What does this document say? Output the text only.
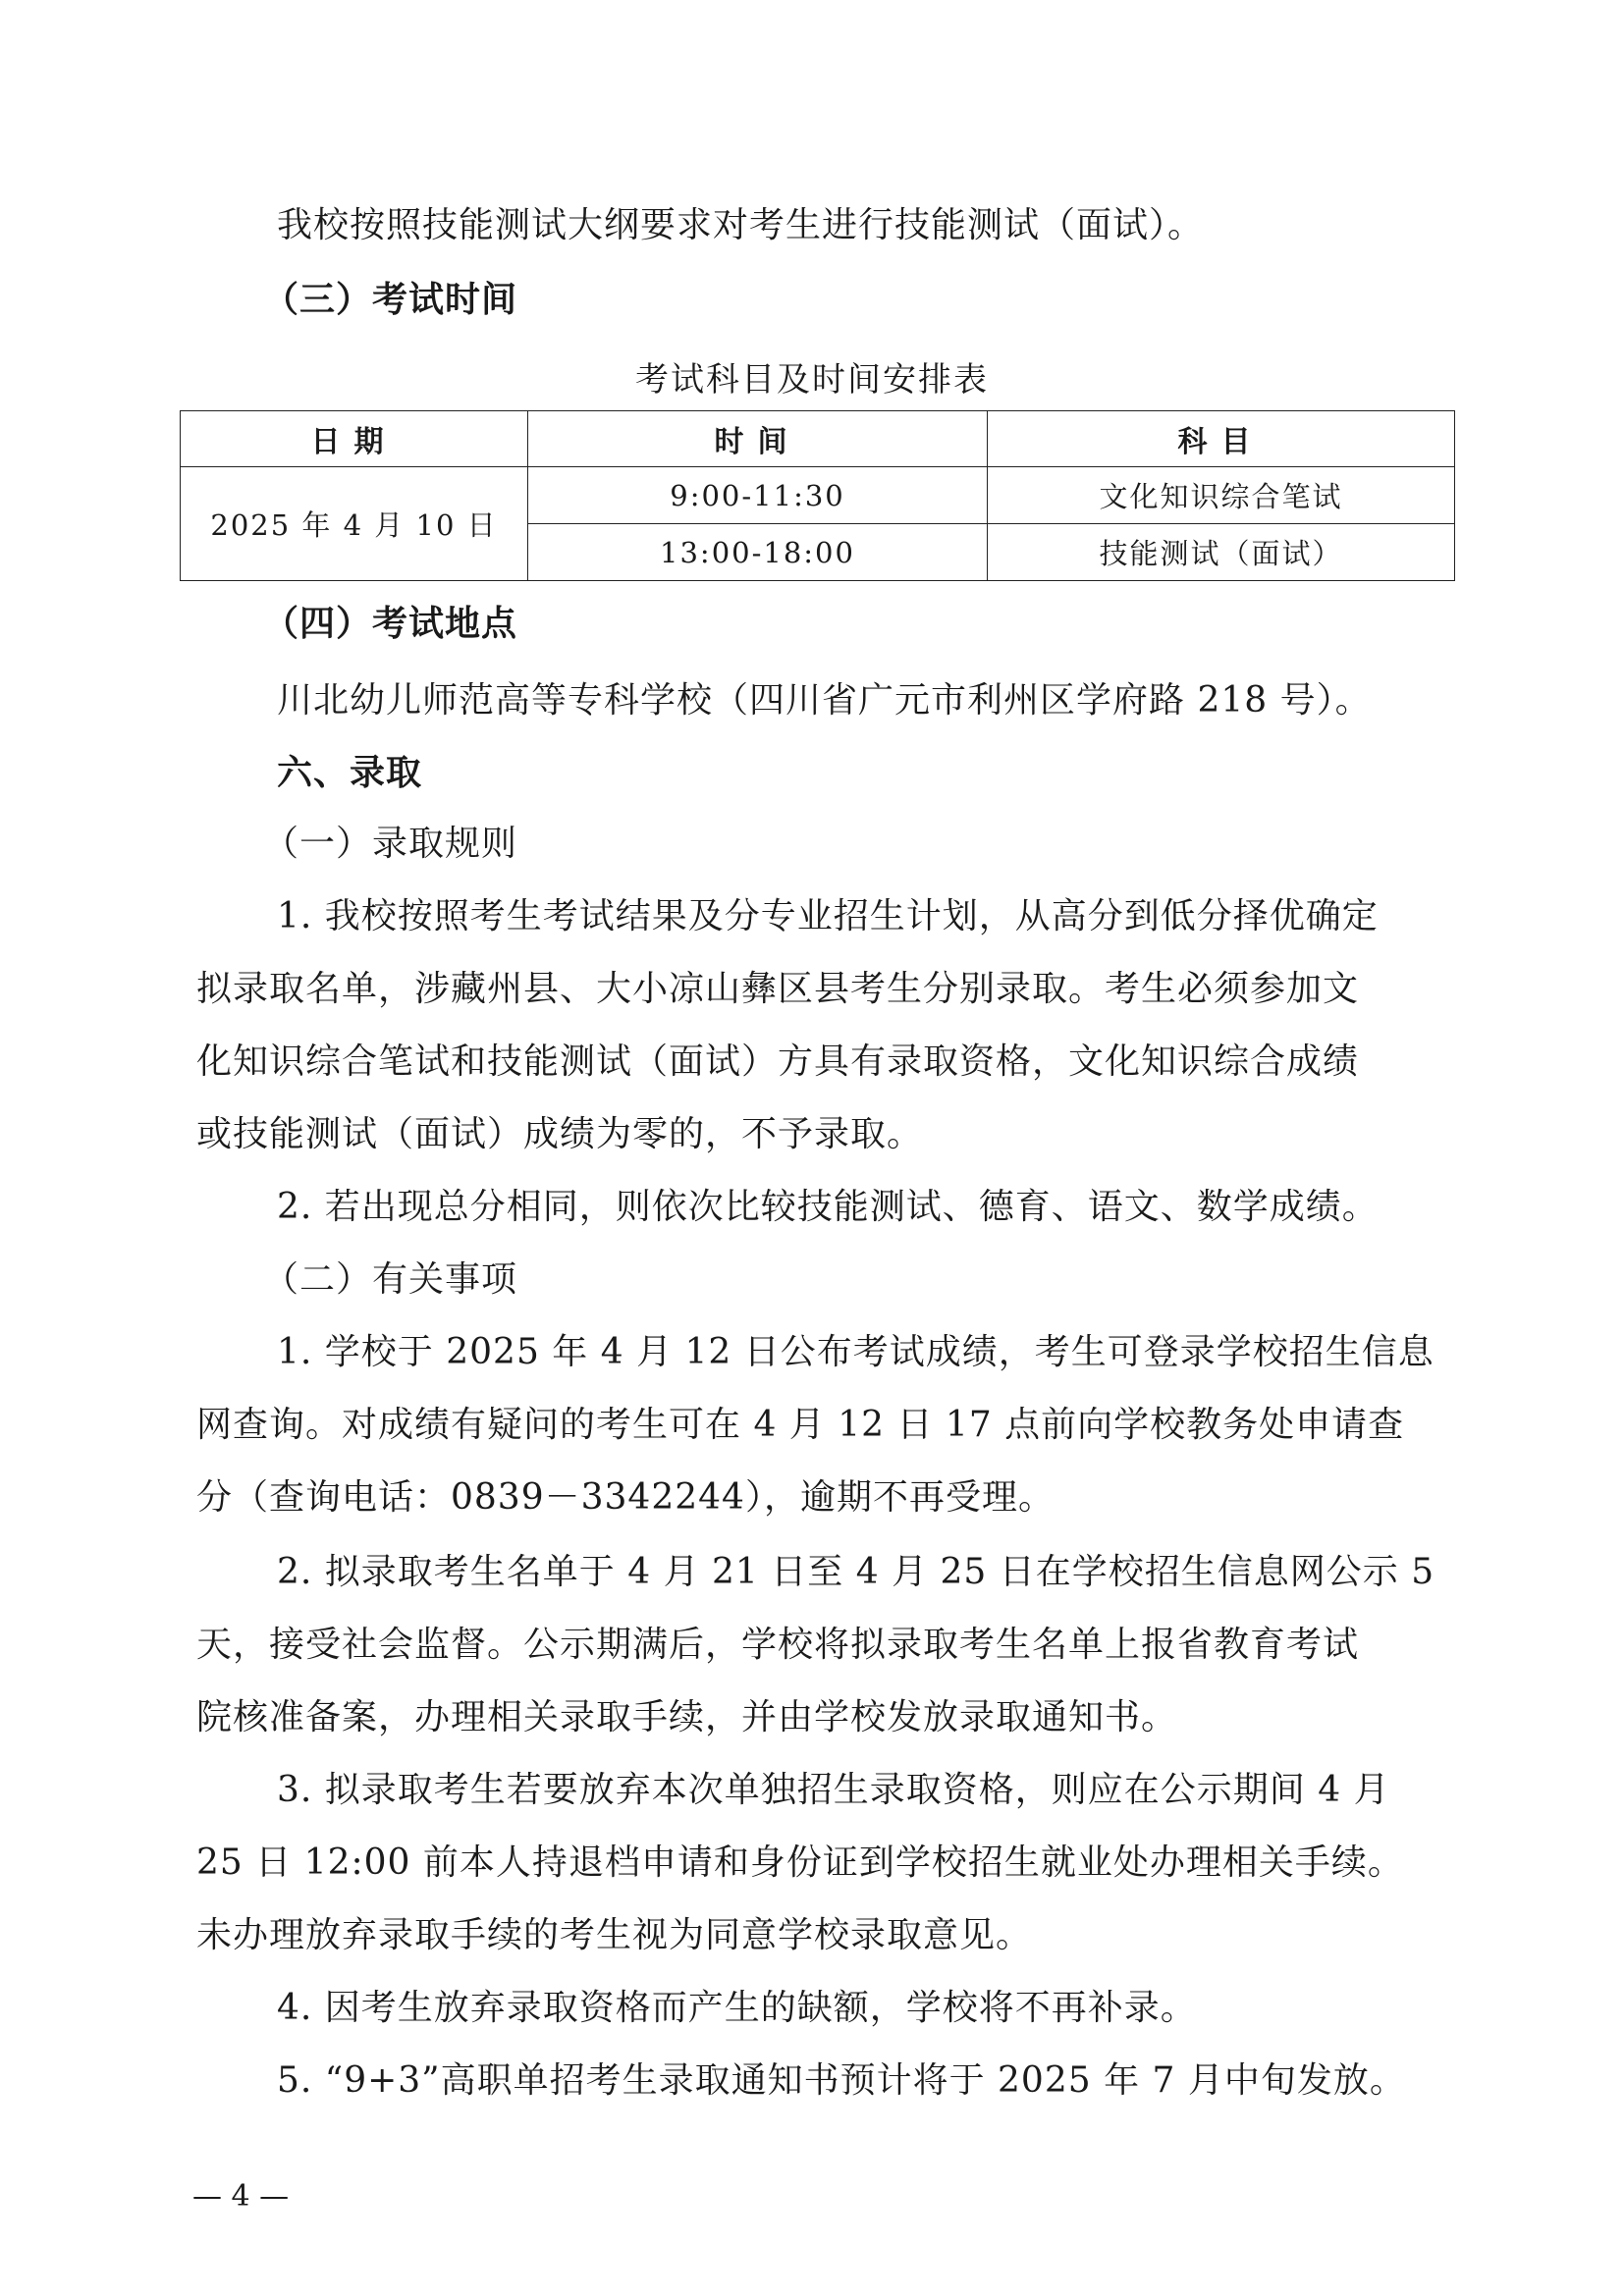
我校按照技能测试大纲要求对考生进行技能测试（面试）。
（三）考试时间
考试科目及时间安排表
日期	时间	科目
2025 年 4 月 10 日	9:00-11:30	文化知识综合笔试
	13:00-18:00	技能测试（面试）
（四）考试地点
川北幼儿师范高等专科学校（四川省广元市利州区学府路 218 号）。
六、录取
（一）录取规则
1. 我校按照考生考试结果及分专业招生计划，从高分到低分择优确定
拟录取名单，涉藏州县、大小凉山彝区县考生分别录取。考生必须参加文
化知识综合笔试和技能测试（面试）方具有录取资格，文化知识综合成绩
或技能测试（面试）成绩为零的，不予录取。
2. 若出现总分相同，则依次比较技能测试、德育、语文、数学成绩。
（二）有关事项
1. 学校于 2025 年 4 月 12 日公布考试成绩，考生可登录学校招生信息
网查询。对成绩有疑问的考生可在 4 月 12 日 17 点前向学校教务处申请查
分（查询电话：0839－3342244），逾期不再受理。
2. 拟录取考生名单于 4 月 21 日至 4 月 25 日在学校招生信息网公示 5
天，接受社会监督。公示期满后，学校将拟录取考生名单上报省教育考试
院核准备案，办理相关录取手续，并由学校发放录取通知书。
3. 拟录取考生若要放弃本次单独招生录取资格，则应在公示期间 4 月
25 日 12:00 前本人持退档申请和身份证到学校招生就业处办理相关手续。
未办理放弃录取手续的考生视为同意学校录取意见。
4. 因考生放弃录取资格而产生的缺额，学校将不再补录。
5. “9+3”高职单招考生录取通知书预计将于 2025 年 7 月中旬发放。
— 4 —
